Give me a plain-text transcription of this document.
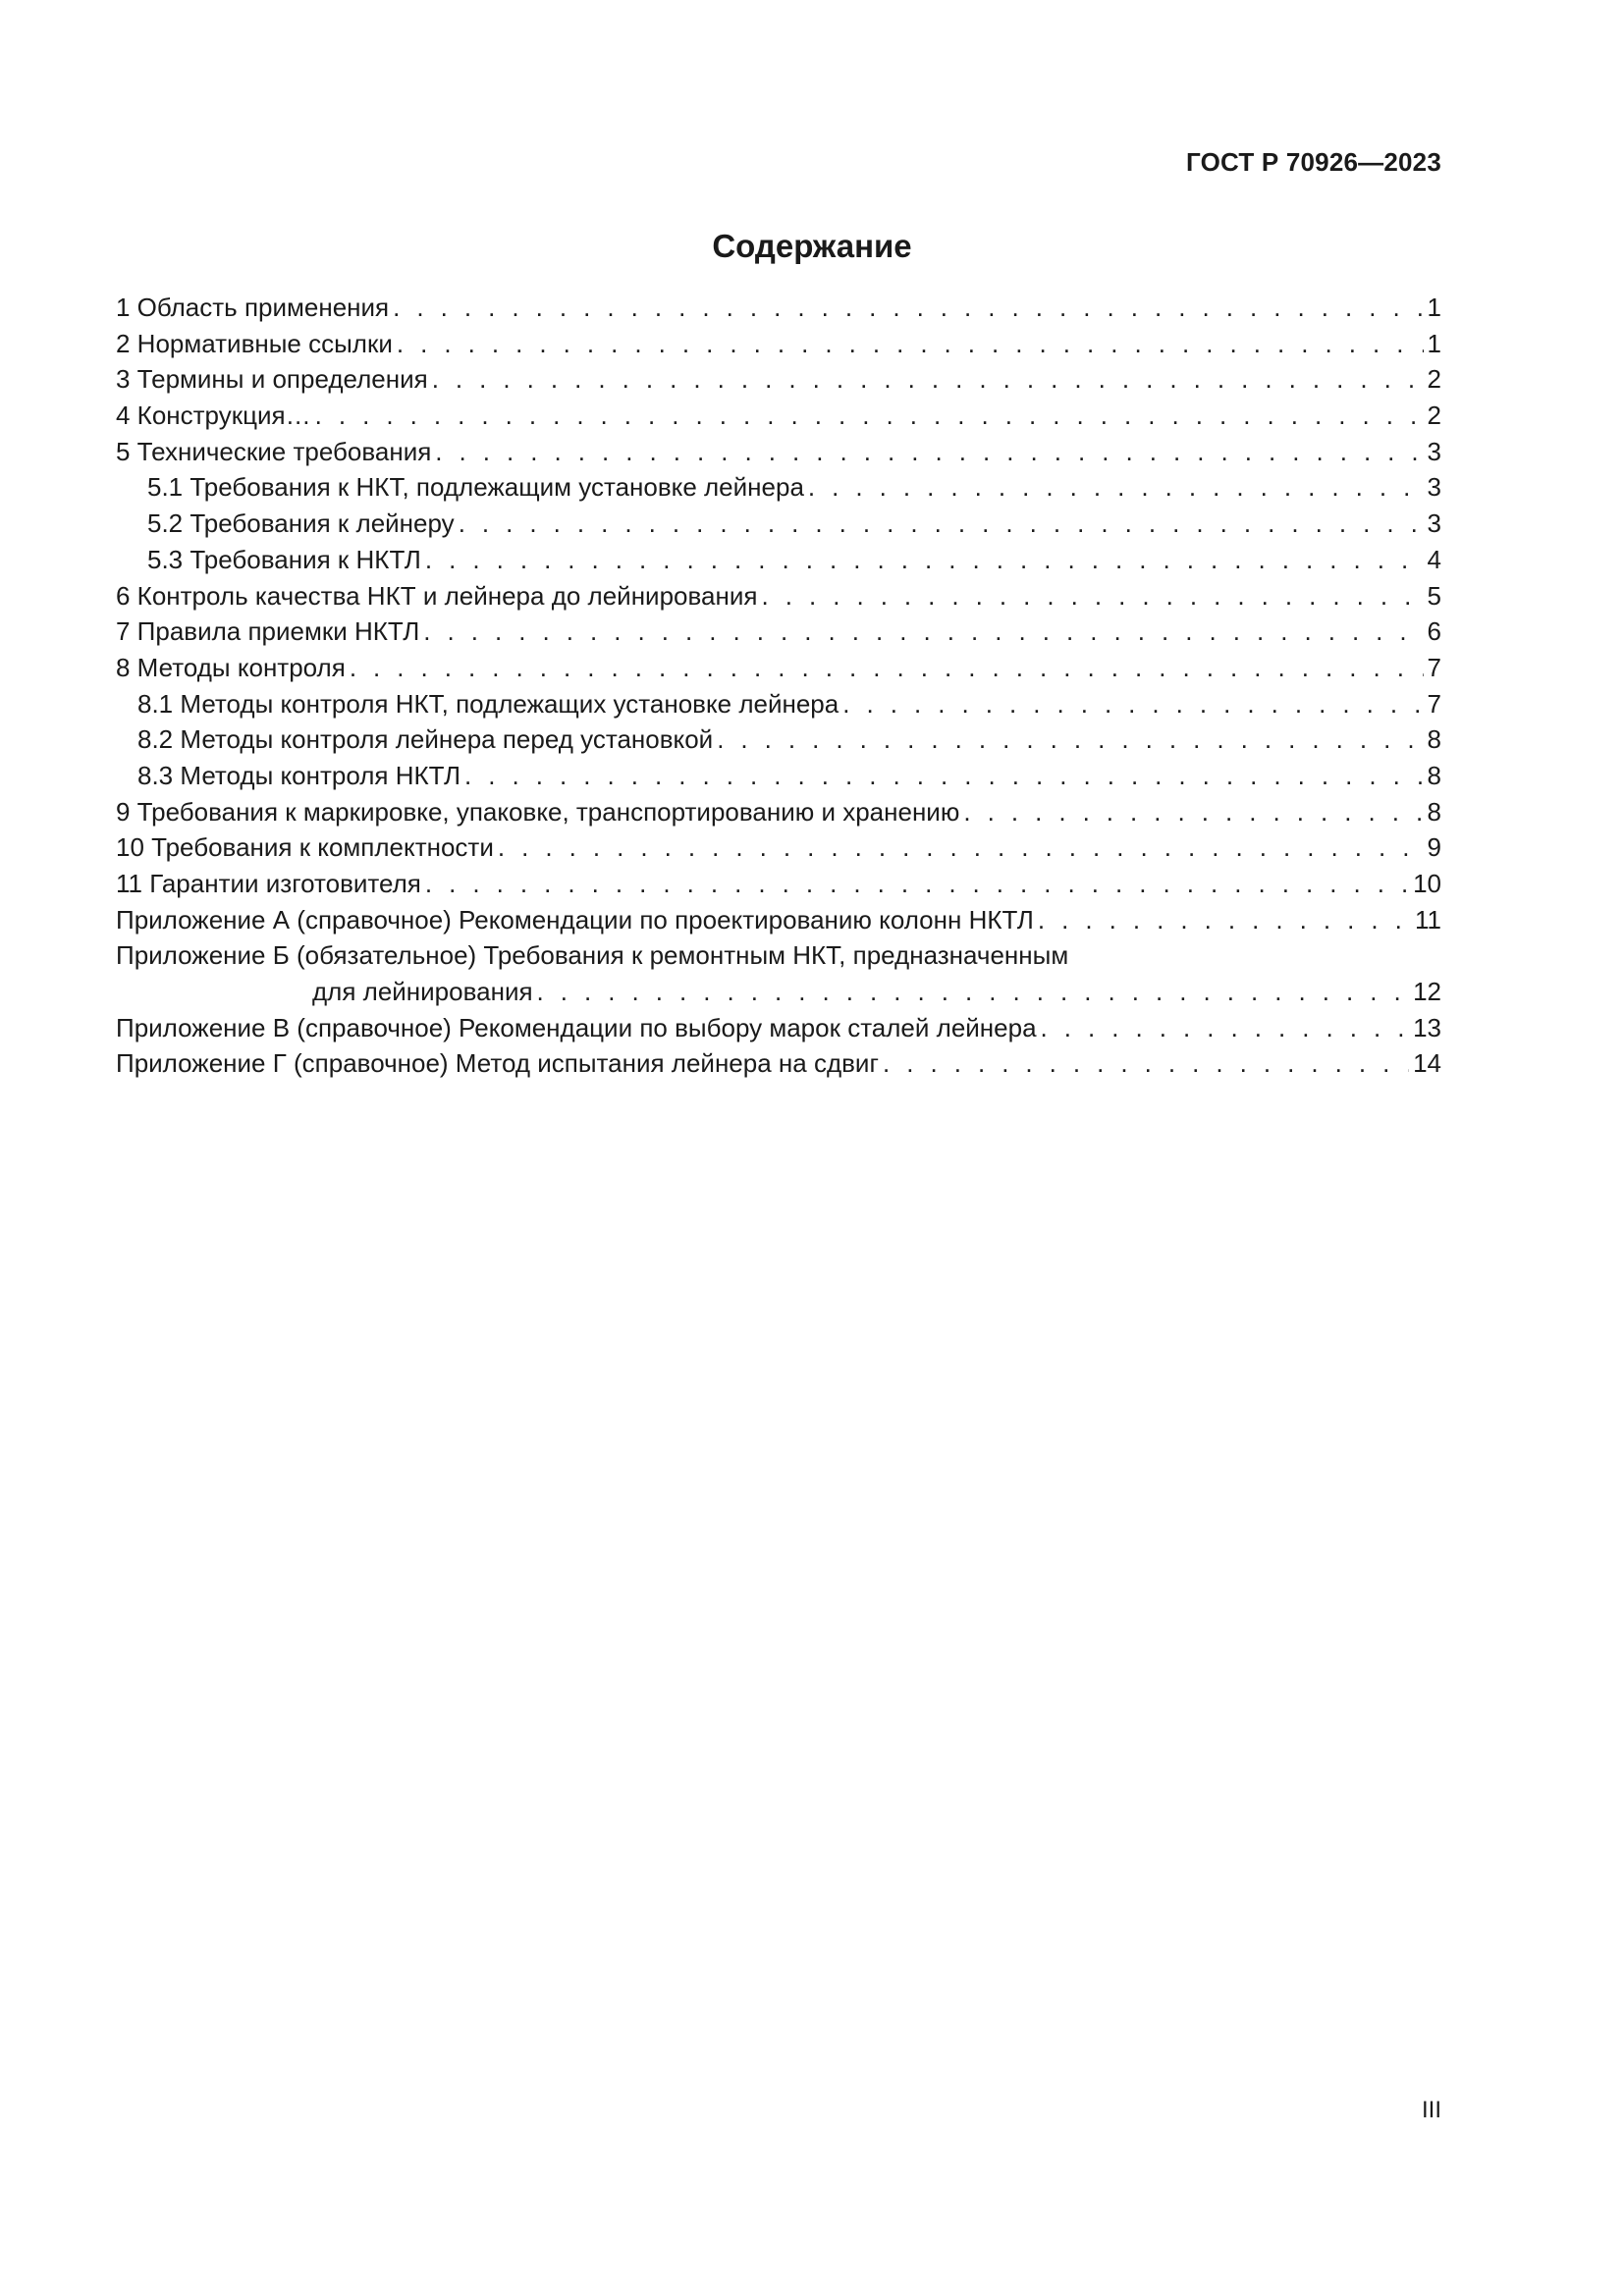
ГОСТ Р 70926—2023
Содержание
1 Область применения . . .	1
2 Нормативные ссылки . . .	1
3 Термины и определения . . .	2
4 Конструкция… . . .	2
5 Технические требования . . .	3
5.1 Требования к НКТ, подлежащим установке лейнера . . .	3
5.2 Требования к лейнеру . . .	3
5.3 Требования к НКТЛ . . .	4
6 Контроль качества НКТ и лейнера до лейнирования . . .	5
7 Правила приемки НКТЛ . . .	6
8 Методы контроля . . .	7
8.1 Методы контроля НКТ, подлежащих установке лейнера . . .	7
8.2 Методы контроля лейнера перед установкой . . .	8
8.3 Методы контроля НКТЛ . . .	8
9 Требования к маркировке, упаковке, транспортированию и хранению . . .	8
10 Требования к комплектности . . .	9
11 Гарантии изготовителя . . .	10
Приложение А (справочное) Рекомендации по проектированию колонн НКТЛ . . .	11
Приложение Б (обязательное) Требования к ремонтным НКТ, предназначенным
для лейнирования . . .	12
Приложение В (справочное) Рекомендации по выбору марок сталей лейнера . . .	13
Приложение Г (справочное) Метод испытания лейнера на сдвиг . . .	14
III
